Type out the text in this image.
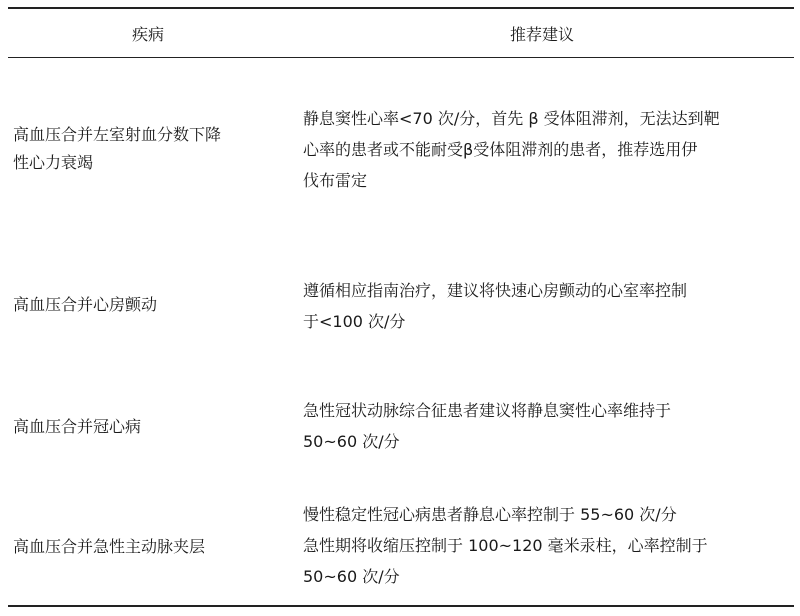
疾病	推荐建议
高血压合并左室射血分数下降
性心力衰竭
静息窦性心率<70 次/分，首先 β 受体阻滞剂，无法达到靶
心率的患者或不能耐受β受体阻滞剂的患者，推荐选用伊
伐布雷定
高血压合并心房颤动
遵循相应指南治疗，建议将快速心房颤动的心室率控制
于<100 次/分
高血压合并冠心病
急性冠状动脉综合征患者建议将静息窦性心率维持于
50~60 次/分
高血压合并急性主动脉夹层
慢性稳定性冠心病患者静息心率控制于 55~60 次/分
急性期将收缩压控制于 100~120 毫米汞柱，心率控制于
50~60 次/分
